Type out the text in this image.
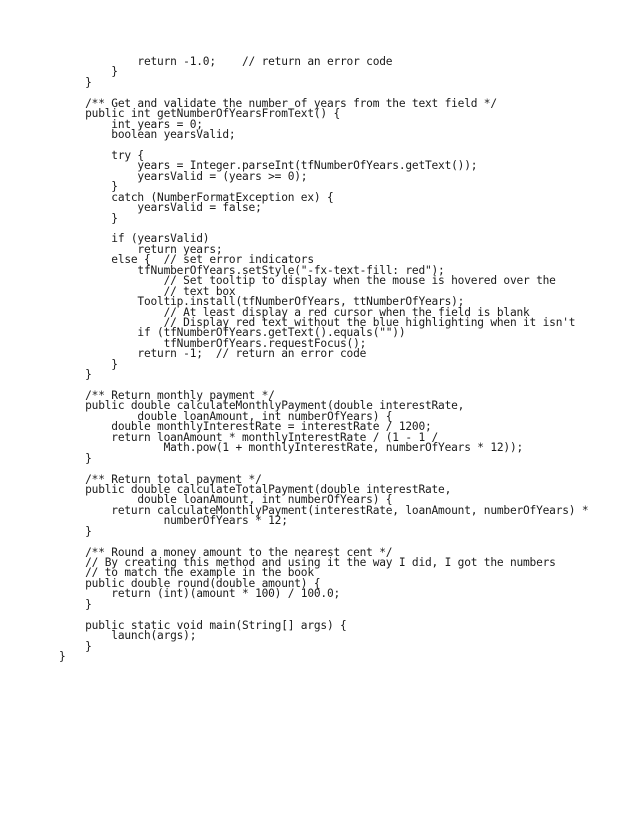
return -1.0;    // return an error code
}
}
/** Get and validate the number of years from the text field */
public int getNumberOfYearsFromText() {
int years = 0;
boolean yearsValid;
try {
years = Integer.parseInt(tfNumberOfYears.getText());
yearsValid = (years >= 0);
}
catch (NumberFormatException ex) {
yearsValid = false;
}
if (yearsValid)
return years;
else {  // set error indicators
tfNumberOfYears.setStyle("-fx-text-fill: red");
// Set tooltip to display when the mouse is hovered over the
// text box
Tooltip.install(tfNumberOfYears, ttNumberOfYears);
// At least display a red cursor when the field is blank
// Display red text without the blue highlighting when it isn't
if (tfNumberOfYears.getText().equals(""))
tfNumberOfYears.requestFocus();
return -1;  // return an error code
}
}
/** Return monthly payment */
public double calculateMonthlyPayment(double interestRate,
double loanAmount, int numberOfYears) {
double monthlyInterestRate = interestRate / 1200;
return loanAmount * monthlyInterestRate / (1 - 1 /
Math.pow(1 + monthlyInterestRate, numberOfYears * 12));
}
/** Return total payment */
public double calculateTotalPayment(double interestRate,
double loanAmount, int numberOfYears) {
return calculateMonthlyPayment(interestRate, loanAmount, numberOfYears) *
numberOfYears * 12;
}
/** Round a money amount to the nearest cent */
// By creating this method and using it the way I did, I got the numbers
// to match the example in the book
public double round(double amount) {
return (int)(amount * 100) / 100.0;
}
public static void main(String[] args) {
launch(args);
}
}
